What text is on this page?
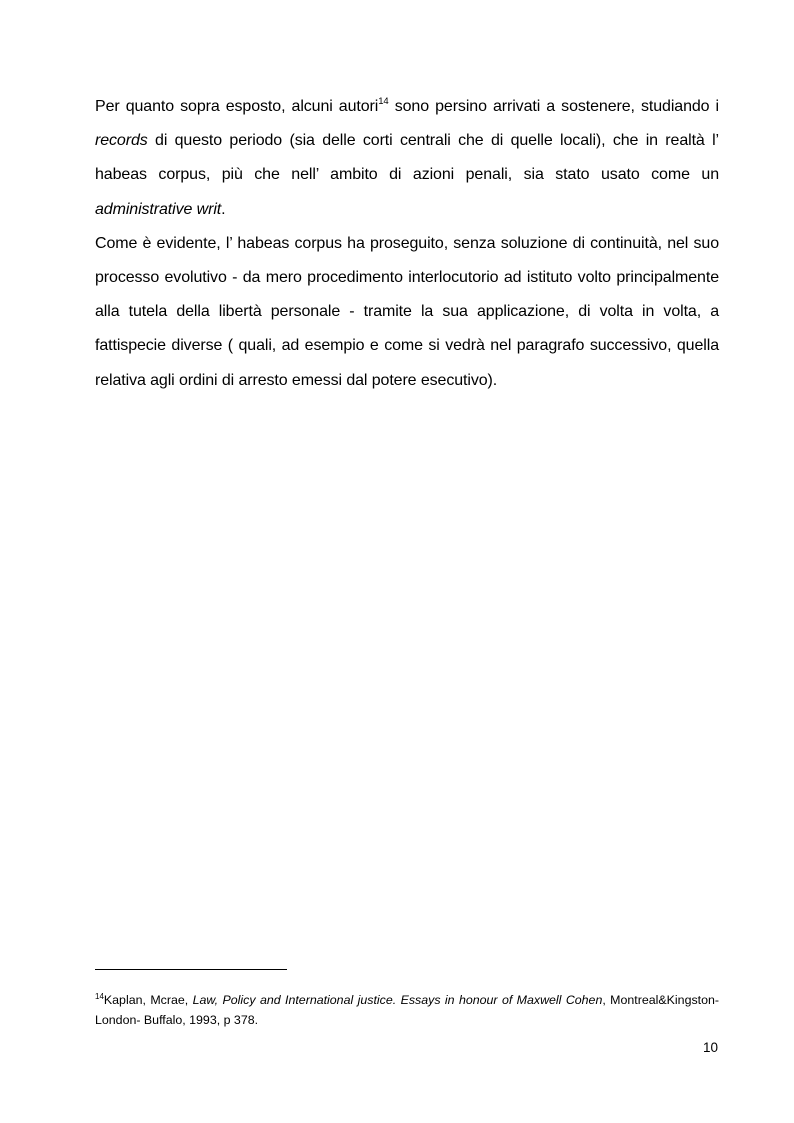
Per quanto sopra esposto, alcuni autori$^{14}$ sono persino arrivati a sostenere, studiando i records di questo periodo (sia delle corti centrali che di quelle locali), che in realtà l’ habeas corpus, più che nell’ ambito di azioni penali, sia stato usato come un administrative writ.

Come è evidente, l’ habeas corpus ha proseguito, senza soluzione di continuità, nel suo processo evolutivo - da mero procedimento interlocutorio ad istituto volto principalmente alla tutela della libertà personale - tramite la sua applicazione, di volta in volta, a fattispecie diverse ( quali, ad esempio e come si vedrà nel paragrafo successivo, quella relativa agli ordini di arresto emessi dal potere esecutivo).

$^{14}$Kaplan, Mcrae, Law, Policy and International justice. Essays in honour of Maxwell Cohen, Montreal&Kingston-London- Buffalo, 1993, p 378.
10
